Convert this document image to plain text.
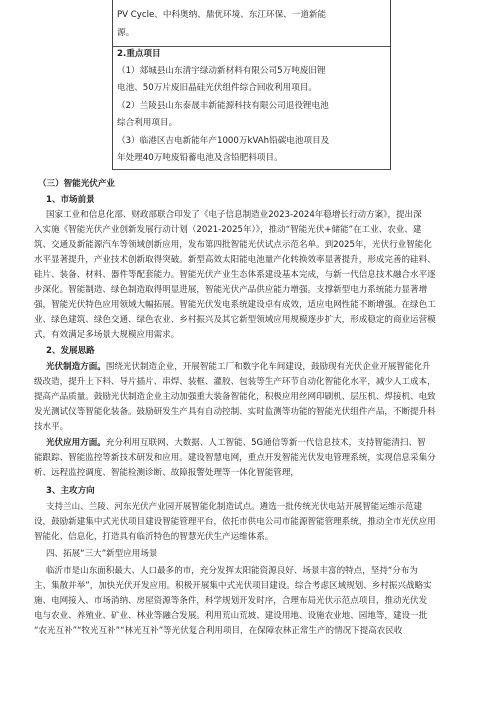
PV Cycle、中科奥纳、鼎优环境、东江环保、一道新能
源。
2.重点项目
（1）郯城县山东清宇绿动新材料有限公司5万吨废旧锂
电池、50万片废旧晶硅光伏组件综合回收利用项目。
（2）兰陵县山东泰晟丰新能源科技有限公司退役锂电池
综合利用项目。
（3）临港区吉电新能年产1000万kVAh铅碳电池项目及
年处理40万吨废铅蓄电池及含铅肥料项目。
（三）智能光伏产业
1、市场前景
国家工业和信息化部、财政部联合印发了《电子信息制造业2023-2024年稳增长行动方案》，提出深
入实施《智能光伏产业创新发展行动计划（2021-2025年）》，推动“智能光伏+储能”在工业、农业、建
筑、交通及新能源汽车等领域创新应用，发布第四批智能光伏试点示范名单。到2025年，光伏行业智能化
水平显著提升，产业技术创新取得突破。新型高效太阳能电池量产化转换效率显著提升，形成完善的硅料、
硅片、装备、材料、器件等配套能力。智能光伏产业生态体系建设基本完成，与新一代信息技术融合水平逐
步深化。智能制造、绿色制造取得明显进展，智能光伏产品供应能力增强。支撑新型电力系统能力显著增
强，智能光伏特色应用领域大幅拓展。智能光伏发电系统建设卓有成效，适应电网性能不断增强。在绿色工
业、绿色建筑、绿色交通、绿色农业、乡村振兴及其它新型领域应用规模逐步扩大，形成稳定的商业运营模
式，有效满足多场景大规模应用需求。
2、发展思路
光伏制造方面。围绕光伏制造企业，开展智能工厂和数字化车间建设，鼓励现有光伏企业开展智能化升
级改造，提升上下料、导片插片、串焊、装框、灌胶、包装等生产环节自动化智能化水平，减少人工成本，
提高产品质量。鼓励光伏制造企业主动加强重大装备智能化，积极应用丝网印刷机、层压机、焊接机、电致
发光测试仪等智能化装备。鼓励研发生产具有自动控制、实时监测等功能的智能光伏组件产品，不断提升科
技水平。
光伏应用方面。充分利用互联网、大数据、人工智能、5G通信等新一代信息技术，支持智能清扫、智
能跟踪、智能监控等新技术研发和应用。建设智慧电网，重点开发智能光伏发电管理系统，实现信息采集分
析、远程监控调度、智能检测诊断、故障报警处理等一体化智能管理，
3、主攻方向
支持兰山、兰陵、河东光伏产业园开展智能化制造试点。遴选一批传统光伏电站开展智能运维示范建
设，鼓励新建集中式光伏项目建设智能管理平台，依托市供电公司市能源智能管理系统，推动全市光伏应用
智能化、信息化，打造具有临沂特色的智慧光伏生产运维体系。
四、拓展“三大”新型应用场景
临沂市是山东面积最大、人口最多的市，充分发挥太阳能资源良好、场景丰富的特点，坚持“分布为
主、集散并举”，加快光伏开发应用。积极开展集中式光伏项目建设。综合考虑区域规划、乡村振兴战略实
施、电网接入、市场消纳、房屋资源等条件，科学规划开发时序，合理布局光伏示范点项目，推动光伏发
电与农业、养殖业、矿业、林业等融合发展。利用荒山荒坡、建设用地、设施农业地、园地等，建设一批
“农光互补”“牧光互补”“林光互补”等光伏复合利用项目，在保障农林正常生产的情况下提高农民收
